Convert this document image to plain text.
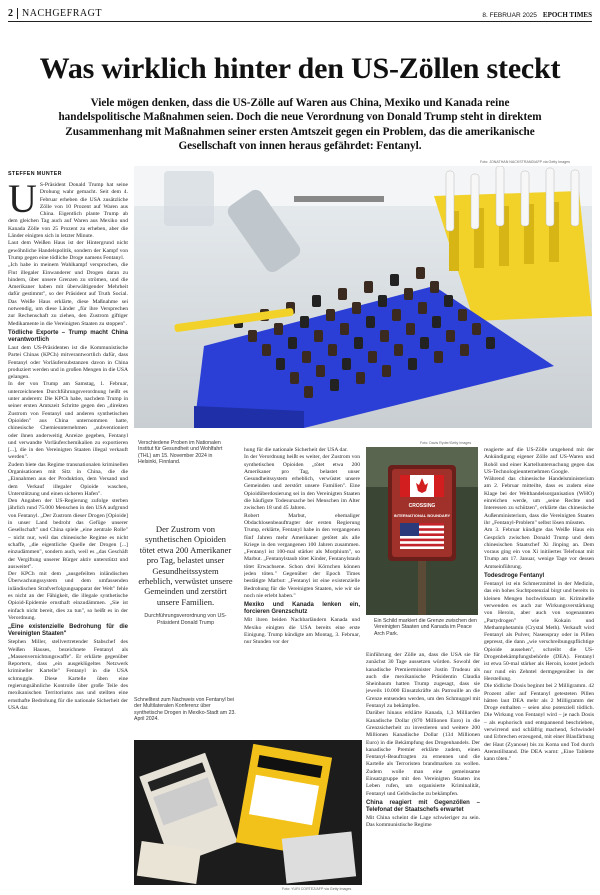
2 NACHGEFRAGT	8. FEBRUAR 2025 EPOCH TIMES
Was wirklich hinter den US-Zöllen steckt
Viele mögen denken, dass die US-Zölle auf Waren aus China, Mexiko und Kanada reine handelspolitische Maßnahmen seien. Doch die neue Verordnung von Donald Trump steht in direktem Zusammenhang mit Maßnahmen seiner ersten Amtszeit gegen ein Problem, das die amerikanische Gesellschaft von innen heraus gefährdet: Fentanyl.
STEFFEN MUNTER
U S-Präsident Donald Trump hat seine Drohung wahr gemacht. Seit dem 4. Februar erheben die USA zusätzliche Zölle von 10 Prozent auf Waren aus China. Eigentlich plante Trump ab dem gleichen Tag auch auf Waren aus Mexiko und Kanada Zölle von 25 Prozent zu erheben, aber die Länder einigten sich in letzter Minute.

Laut dem Weißen Haus ist der Hintergrund nicht gewöhnliche Handelspolitik, sondern der Kampf von Trump gegen eine tödliche Droge namens Fentanyl.

„Ich habe in meinem Wahlkampf versprochen, die Flut illegaler Einwanderer und Drogen daran zu hindern, über unsere Grenzen zu strömen, und die Amerikaner haben mit überwältigender Mehrheit dafür gestimmt", so der Präsident auf Truth Social. Das Weiße Haus erklärte, diese Maßnahme sei notwendig, um diese Länder „für ihre Versprechen zur Rechenschaft zu ziehen, den Zustrom giftiger Medikamente in die Vereinigten Staaten zu stoppen".

Tödliche Exporte – Trump macht China verantwortlich

Laut dem US-Präsidenten ist die Kommunistische Partei Chinas (KPCh) mitverantwortlich dafür, dass Fentanyl oder Vorläufersubstanzen davon in China produziert werden und in großen Mengen in die USA gelangen.

In der von Trump am Samstag, 1. Februar, unterzeichneten Durchführungsverordnung heißt es unter anderem: Die KPCh habe, nachdem Trump in seiner ersten Amtszeit Schritte gegen den „direkten Zustrom von Fentanyl und anderen synthetischen Opioiden" aus China unternommen hatte, chinesische Chemieunternehmen „subventioniert oder ihnen anderweitig Anreize gegeben, Fentanyl und verwandte Vorläuferchemikalien zu exportieren [...], die in den Vereinigten Staaten illegal verkauft werden".

Zudem biete das Regime transnationalen kriminellen Organisationen mit Sitz in China, die die „Einnahmen aus der Produktion, dem Versand und dem Verkauf illegaler Opioide waschen, Unterstützung und einen sicheren Hafen".

Den Angaben der US-Regierung zufolge sterben jährlich rund 75.000 Menschen in den USA aufgrund von Fentanyl. „Der Zustrom dieser Drogen [Opioide] in unser Land bedroht das Gefüge unserer Gesellschaft" und China spiele „eine zentrale Rolle" – nicht nur, weil das chinesische Regime es nicht schaffe, „die eigentliche Quelle der Drogen [...] einzudämmen", sondern auch, weil es „das Geschäft der Vergiftung unserer Bürger aktiv unterstützt und ausweitet".

Der KPCh mit dem „ausgefeilten inländischen Überwachungssystem und dem umfassenden inländischen Strafverfolgungsapparat der Welt" fehle es nicht an der Fähigkeit, die illegale synthetische Opioid-Epidemie ernsthaft einzudämmen. „Sie ist einfach nicht bereit, dies zu tun", so heißt es in der Verordnung.

„Eine existenzielle Bedrohung für die Vereinigten Staaten"

Stephen Miller, stellvertretender Stabschef des Weißen Hauses, bezeichnete Fentanyl als „Massenvernichtungswaffe". Er erklärte gegenüber Reportern, dass „ein ausgeklügeltes Netzwerk krimineller Kartelle" Fentanyl in die USA schmuggle. Diese Kartelle üben eine regierungsähnliche Kontrolle über große Teile des mexikanischen Territoriums aus und stellten eine ernsthafte Bedrohung für die nationale Sicherheit der USA dar.

Foto: JONATHAN NACKSTRAND/AFP via Getty Images
Verschiedene Proben im Nationalen Institut für Gesundheit und Wohlfahrt (THL) am 15. November 2024 in Helsinki, Finnland.
Der Zustrom von synthetischen Opioiden tötet etwa 200 Amerikaner pro Tag, belastet unser Gesundheitssystem erheblich, verwüstet unsere Gemeinden und zerstört unsere Familien.
Durchführungsverordnung von US-Präsident Donald Trump
Schnelltest zum Nachweis von Fentanyl bei der Multilateralen Konferenz über synthetische Drogen in Mexiko-Stadt am 23. April 2024.
Foto: YURI CORTEZ/AFP via Getty Images

hung für die nationale Sicherheit der USA dar.

In der Verordnung heißt es weiter, der Zustrom von synthetischen Opioiden „tötet etwa 200 Amerikaner pro Tag, belastet unser Gesundheitssystem erheblich, verwüstet unsere Gemeinden und zerstört unsere Familien". Eine Opioidüberdosierung sei in den Vereinigten Staaten die häufigste Todesursache bei Menschen im Alter zwischen 18 und 45 Jahren.

Robert Marbut, ehemaliger Obdachlosenbeauftragter der ersten Regierung Trump, erklärte, Fentanyl habe in den vergangenen fünf Jahren mehr Amerikaner getötet als alle Kriege in den vergangenen 100 Jahren zusammen. „Fentanyl ist 100-mal stärker als Morphium", so Marbut. „Fentanylstaub tötet Kinder, Fentanylstaub tötet Erwachsene. Schon drei Körnchen können jeden töten." Gegenüber der Epoch Times bestätigte Marbut: „Fentanyl ist eine existenzielle Bedrohung für die Vereinigten Staaten, wie wir sie noch nie erlebt haben."

Mexiko und Kanada lenken ein, forcieren Grenzschutz

Mit ihren beiden Nachbarländern Kanada und Mexiko einigten die USA bereits eine erste Einigung. Trump kündigte am Montag, 3. Februar, nur Stunden vor der

Foto: Davis Ryder/Getty Images
CROSSING
INTERNATIONAL BOUNDARY
Ein Schild markiert die Grenze zwischen den Vereinigten Staaten und Kanada im Peace Arch Park.

Einführung der Zölle an, dass die USA sie für zunächst 30 Tage aussetzen würden. Sowohl der kanadische Premierminister Justin Trudeau als auch die mexikanische Präsidentin Claudia Sheinbaum hatten Trump zugesagt, dass sie jeweils 10.000 Einsatzkräfte als Patrouille an die Grenze entsenden werden, um den Schmuggel mit Fentanyl zu bekämpfen.

Darüber hinaus erklärte Kanada, 1,3 Milliarden Kanadische Dollar (870 Millionen Euro) in die Grenzsicherheit zu investieren und weitere 200 Millionen Kanadische Dollar (134 Millionen Euro) in die Bekämpfung des Drogenhandels. Der kanadische Premier erklärte zudem, einen Fentanyl-Beauftragten zu ernennen und die Kartelle als Terroristen brandmarken zu wollen. Zudem wolle man eine gemeinsame Einsatzgruppe mit den Vereinigten Staaten ins Leben rufen, um organisierte Kriminalität, Fentanyl und Geldwäsche zu bekämpfen.

China reagiert mit Gegenzöllen – Telefonat der Staatschefs erwartet

Mit China scheint die Lage schwieriger zu sein. Das kommunistische Regime

reagierte auf die US-Zölle umgehend mit der Ankündigung eigener Zölle auf US-Waren und Rohöl und einer Kartelluntersuchung gegen das US-Technologieunternehmen Google.

Während das chinesische Handelsministerium am 2. Februar mitteilte, dass es zudem eine Klage bei der Welthandelsorganisation (WHO) einreichen werde, um „seine Rechte und Interessen zu schützen", erklärte das chinesische Außenministerium, dass die Vereinigten Staaten ihr „Fentanyl-Problem" selbst lösen müssten.

Am 3. Februar kündigte das Weiße Haus ein Gespräch zwischen Donald Trump und dem chinesischen Staatschef Xi Jinping an. Dem voraus ging ein von Xi initiiertes Telefonat mit Trump am 17. Januar, wenige Tage vor dessen Amtseinführung.

Todesdroge Fentanyl

Fentanyl ist ein Schmerzmittel in der Medizin, das ein hohes Suchtpotenzial birgt und bereits in kleinen Mengen hochwirksam ist. Kriminelle verwenden es auch zur Wirkungsverstärkung von Heroin, aber auch von sogenannten „Partydrogen" wie Kokain und Methamphetamin (Crystal Meth). Verkauft wird Fentanyl als Pulver, Nasenspray oder in Pillen gepresst, die dann „wie verschreibungspflichtige Opioide aussehen", schreibt die US-Drogenbekämpfungsbehörde (DEA). Fentanyl ist etwa 50-mal stärker als Heroin, kostet jedoch nur rund ein Zehntel dermgegenüber in der Herstellung.

Die tödliche Dosis beginnt bei 2 Milligramm. 42 Prozent aller auf Fentanyl getesteten Pillen hätten laut DEA mehr als 2 Milligramm der Droge enthalten – seien also potenziell tödlich. Die Wirkung von Fentanyl wird – je nach Dosis – als euphorisch und entspannend beschrieben, verwirrend und schläfrig machend, Schwindel und Erbrechen erzeugend, mit einer Blaufärbung der Haut (Zyanose) bis zu Koma und Tod durch Atemstillstand. Die DEA warnt: „Eine Tablette kann töten."
